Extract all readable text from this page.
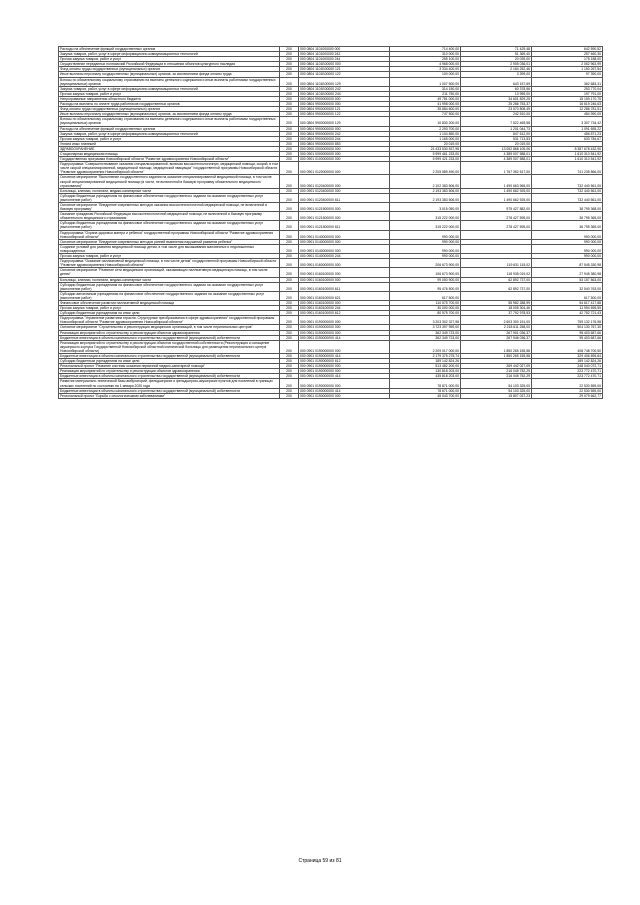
Расходы на обеспечение функций государственных органов	200	000 0804 1101000000 000	714 400,00	71 429,48	642 590,52
Закупка товаров, работ, услуг в сфере информационно-коммуникационных технологий	200	000 0804 1101000000 242	310 000,00	51 369,40	257 460,30
Прочая закупка товаров, работ и услуг	200	000 0804 1101000000 244	255 100,00	20 039,00	175 188,00
Осуществление переданных полномочий Российской Федерации в отношении объектов культурного наследия	200	000 0804 1101Б00000 000	4 968 000,00	2 905 036,01	2 062 963,99
Фонд оплаты труда государственных (муниципальных) органов	200	000 0804 1101Б00000 121	3 334 400,00	2 184 252,46	1 150 267,54
Иные выплаты персоналу государственных (муниципальных) органов, за исключением фонда оплаты труда	200	000 0804 1101Б00000 122	100 000,00	3 399,00	97 390,00
Взносы по обязательному социальному страхованию на выплаты денежного содержания и иные выплаты работникам государственных (муниципальных) органов	200	000 0804 1101Б00000 129	1 007 500,00	643 157,69	362 683,31
Закупка товаров, работ, услуг в сфере информационно-коммуникационных технологий	200	000 0804 1101Б00000 242	314 150,00	60 378,96	253 770,04
Прочая закупка товаров, работ и услуг	200	000 0804 1101Б00000 244	211 750,00	13 959,00	197 791,00
Непрограммные направления областного бюджета	200	000 0804 9900000000 000	49 781 000,00	34 601 829,25	15 159 170,75
Расходы на выплаты по оплате труда работников государственных органов	200	000 0804 9900000000 000	41 998 000,00	25 286 753,37	16 619 246,63
Фонд оплаты труда государственных (муниципальных) органов	200	000 0804 9900000000 121	35 884 600,00	23 570 808,49	12 286 781,51
Иные выплаты персоналу государственных (муниципальных) органов, за исключением фонда оплаты труда	200	000 0804 9900000000 122	747 500,00	242 510,00	484 990,00
Взносы по обязательному социальному страхованию на выплаты денежного содержания и иные выплаты работникам государственных (муниципальных) органов	200	000 0804 9900000000 129	10 830 200,00	7 522 465,58	3 307 734,42
Расходы на обеспечение функций государственных органов	200	000 0804 9900000000 000	2 293 700,00	1 201 044,73	1 091 655,22
Закупка товаров, работ, услуг в сфере информационно-коммуникационных технологий	200	000 0804 9900000000 242	1 104 850,00	847 612,00	456 871,23
Прочая закупка товаров, работ и услуг	200	000 0804 9900000000 244	1 165 000,00	531 713,53	633 784,67
Уплата иных платежей	200	000 0804 9900000000 853	20 019,00	20 019,00	
ЗДРАВООХРАНЕНИЕ	200	000 0900 0000000000 000	21 433 530 537,98	13 052 868 105,06	8 387 678 432,90
Стационарная медицинская помощь	200	000 0901 0000000000 000	5 999 461 233,00	4 389 007 588,01	1 610 310 541,92
Государственная программа Новосибирской области "Развитие здравоохранения Новосибирской области"	200	000 0901 0100000000 000	5 999 421 233,00	4 389 007 588,01	1 610 310 541,92
Подпрограмма "Совершенствование оказания специализированной, включая высокотехнологичную, медицинской помощи, скорой, в том числе скорой специализированной, медицинской помощи, медицинской эвакуации" государственной программы Новосибирской области "Развитие здравоохранения Новосибирской области"	200	000 0901 0120000000 000	2 205 589 490,00	1 767 352 517,00	741 235 866,00
Основное мероприятие "Выполнение государственного задания на оказание специализированной медицинской помощи, в том числе скорой специализированной медицинской помощи (в части, не включенной в базовую программу обязательного медицинского страхования)"	200	000 0901 0120400000 000	2 102 383 506,00	1 490 663 965,00	732 440 561,00
Больницы, клиники, госпитали, медико-санитарные части	200	000 0901 0120400000 000	2 193 383 506,00	1 490 662 925,00	732 440 561,00
Субсидии бюджетным учреждениям на финансовое обеспечение государственного задания на оказание государственных услуг (выполнение работ)	200	000 0901 0120400000 611	2 193 383 506,00	1 490 662 925,00	732 440 561,00
Основное мероприятие "Внедрение современных методов оказания высокотехнологичной медицинской помощи, не включенной в базовую программу"	200	000 0901 0121500000 000	3 015 050,00	975 427 882,00	38 795 368,00
Оказание гражданам Российской Федерации высокотехнологичной медицинской помощи, не включенной в базовую программу обязательного медицинского страхования	200	000 0901 0121500000 000	315 222 000,00	278 427 595,00	36 795 365,00
Субсидии бюджетным учреждениям на финансовое обеспечение государственного задания на оказание государственных услуг (выполнение работ)	200	000 0901 0121500000 611	315 222 000,00	278 427 595,00	36 795 365,00
Подпрограмма "Охрана здоровья матери и ребенка" государственной программы Новосибирской области "Развитие здравоохранения Новосибирской области"	200	000 0901 0140000000 000	990 000,00		990 000,00
Основное мероприятие "Внедрение современных методов ранней выявления нарушений развития ребенка"	200	000 0901 0140000000 000	990 000,00		990 000,00
Создание условий для развития медицинской помощи детям, в том числе для выхаживания маловесных и недоношенных новорожденных	200	000 0901 0140000000 000	990 000,00		990 000,00
Прочая закупка товаров, работ и услуг	200	000 0901 0140000000 244	990 000,00		990 000,00
Подпрограмма "Оказание паллиативной медицинской помощи, в том числе детям" государственной программы Новосибирской области "Развитие здравоохранения Новосибирской области"	200	000 0901 0160000000 000	206 673 900,00	119 631 115,02	87 545 330,98
Основное мероприятие "Развитие сети медицинских организаций, оказывающих паллиативную медицинскую помощь, в том числе детям"	200	000 0901 0160100000 000	106 673 900,00	118 935 019,02	27 945 380,98
Больницы, клиники, госпитали, медико-санитарные части	200	000 0901 0160100000 000	99 050 900,00	62 892 737,00	53 157 863,00
Субсидии бюджетным учреждениям на финансовое обеспечение государственного задания на оказание государственных услуг (выполнение работ)	200	000 0901 0160100000 611	95 476 500,00	62 892 737,00	32 540 763,00
Субсидии автономным учреждениям на финансовое обеспечение государственного задания на оказание государственных услуг (выполнение работ)	200	000 0901 0160100000 621	617 500,00		617 500,00
Финансовое обеспечение развития паллиативной медицинской помощи	200	000 0901 0160100000 000	110 575 700,00	55 982 288,99	54 617 417,88
Прочая закупка товаров, работ и услуг	200	000 0901 0160100000 244	30 000 000,00	18 005 304,46	11 994 695,55
Субсидии бюджетным учреждениям на иные цели	200	000 0901 0160100000 612	80 575 700,00	37 792 978,53	42 782 721,43
Подпрограмма "Управление развитием отрасли. Структурные преобразования в сфере здравоохранения" государственной программы Новосибирской области "Развитие здравоохранения Новосибирской области"	200	000 0901 0190000000 000	3 203 302 327,98	2 603 300 151,00	759 132 176,98
Основное мероприятие "Строительство и реконструкция медицинских организаций, в том числе перинатальных центров"	200	000 0901 0190000000 000	3 723 397 959,00	2 218 611 258,00	504 130 767,30
Реализация мероприятий по строительству и реконструкции объектов здравоохранения	200	000 0901 0190000000 000	362 349 723,00	267 901 036,37	95 403 687,66
Бюджетные инвестиции в объекты капитального строительства государственной (муниципальной) собственности	200	000 0901 0190000000 414	362 349 723,00	267 946 036,37	95 403 687,66
Реализация мероприятий по строительству и реконструкции объектов государственной собственности (Реконструкция и оснащение акушерского корпуса Государственной Новосибирской областной клинической больницы для размещения перинатального центра Новосибирской области)	200	000 0901 0190000000 000	2 209 017 000,00	1 850 265 155,58	408 748 700,50
Бюджетные инвестиции в объекты капитального строительства государственной (муниципальной) собственности	200	000 0901 0190000000 414	2 179 375 275,74	1 850 265 155,58	329 406 895,84
Субсидии бюджетным учреждениям на иные цели	200	000 0901 0190000000 612	189 142 824,26		189 142 824,26
Региональный проект "Развитие системы оказания первичной медико-санитарной помощи"	200	000 0901 0190000000 000	513 482 200,00	269 442 027,09	248 040 072,71
Реализация мероприятий по строительству и реконструкции объектов здравоохранения	200	000 0901 0190000000 000	130 818 203,00	216 045 752,29	223 772 470,71
Бюджетные инвестиции в объекты капитального строительства государственной (муниципальной) собственности	200	000 0901 0190000000 414	435 818 203,00	216 045 752,29	223 772 470,71
Развитие материально-технической базы амбулаторий, фельдшерских и фельдшерско-акушерских пунктов для поселений в границах сельских поселений по состоянию на 1 января 2020 года	200	000 0901 0190000000 000	78 871 000,00	54 103 325,00	22 530 559,00
Бюджетные инвестиции в объекты капитального строительства государственной (муниципальной) собственности	200	000 0901 0190000000 414	78 671 000,00	54 103 325,00	22 530 559,00
Региональный проект "Борьба с онкологическими заболеваниями"	200	000 0901 0190000000 000	45 043 700,00	15 807 037,23	29 079 662,77
Страница 59 из 81
